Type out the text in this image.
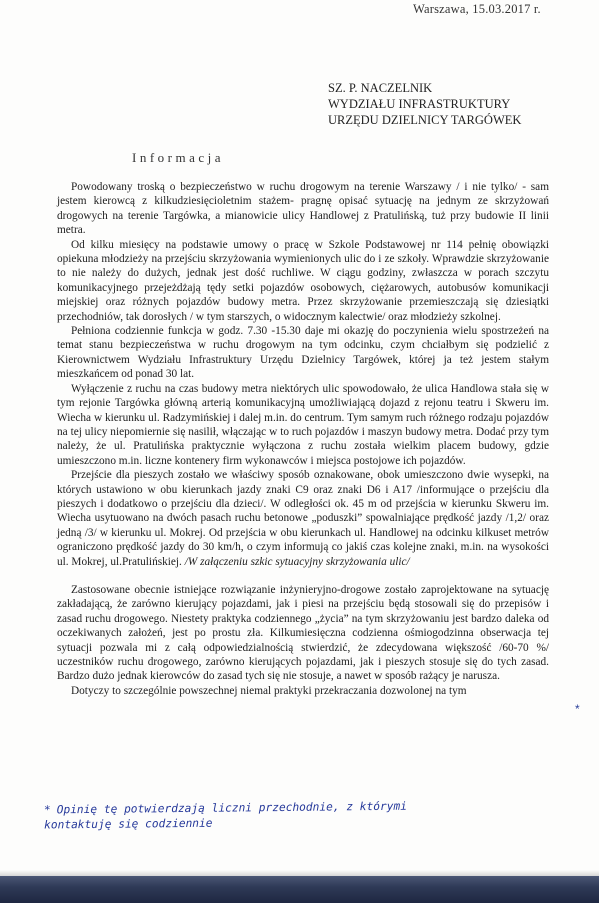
Warszawa, 15.03.2017 r.
SZ. P. NACZELNIK
WYDZIAŁU INFRASTRUKTURY
URZĘDU DZIELNICY TARGÓWEK
Informacja

Powodowany troską o bezpieczeństwo w ruchu drogowym na terenie Warszawy / i nie tylko/ - sam jestem kierowcą z kilkudziesięcioletnim stażem- pragnę opisać sytuację na jednym ze skrzyżowań drogowych na terenie Targówka, a mianowicie ulicy Handlowej z Pratulińską, tuż przy budowie II linii metra.

Od kilku miesięcy na podstawie umowy o pracę w Szkole Podstawowej nr 114 pełnię obowiązki opiekuna młodzieży na przejściu skrzyżowania wymienionych ulic do i ze szkoły. Wprawdzie skrzyżowanie to nie należy do dużych, jednak jest dość ruchliwe. W ciągu godziny, zwłaszcza w porach szczytu komunikacyjnego przejeżdżają tędy setki pojazdów osobowych, ciężarowych, autobusów komunikacji miejskiej oraz różnych pojazdów budowy metra. Przez skrzyżowanie przemieszczają się dziesiątki przechodniów, tak dorosłych / w tym starszych, o widocznym kalectwie/ oraz młodzieży szkolnej.

Pełniona codziennie funkcja w godz. 7.30 -15.30 daje mi okazję do poczynienia wielu spostrzeżeń na temat stanu bezpieczeństwa w ruchu drogowym na tym odcinku, czym chciałbym się podzielić z Kierownictwem Wydziału Infrastruktury Urzędu Dzielnicy Targówek, której ja też jestem stałym mieszkańcem od ponad 30 lat.

Wyłączenie z ruchu na czas budowy metra niektórych ulic spowodowało, że ulica Handlowa stała się w tym rejonie Targówka główną arterią komunikacyjną umożliwiającą dojazd z rejonu teatru i Skweru im. Wiecha w kierunku ul. Radzymińskiej i dalej m.in. do centrum. Tym samym ruch różnego rodzaju pojazdów na tej ulicy niepomiernie się nasilił, włączając w to ruch pojazdów i maszyn budowy metra. Dodać przy tym należy, że ul. Pratulińska praktycznie wyłączona z ruchu została wielkim placem budowy, gdzie umieszczono m.in. liczne kontenery firm wykonawców i miejsca postojowe ich pojazdów.

Przejście dla pieszych zostało we właściwy sposób oznakowane, obok umieszczono dwie wysepki, na których ustawiono w obu kierunkach jazdy znaki C9 oraz znaki D6 i A17 /informujące o przejściu dla pieszych i dodatkowo o przejściu dla dzieci/. W odległości ok. 45 m od przejścia w kierunku Skweru im. Wiecha usytuowano na dwóch pasach ruchu betonowe „poduszki” spowalniające prędkość jazdy /1,2/ oraz jedną /3/ w kierunku ul. Mokrej. Od przejścia w obu kierunkach ul. Handlowej na odcinku kilkuset metrów ograniczono prędkość jazdy do 30 km/h, o czym informują co jakiś czas kolejne znaki, m.in. na wysokości ul. Mokrej, ul.Pratulińskiej. /W załączeniu szkic sytuacyjny skrzyżowania ulic/

Zastosowane obecnie istniejące rozwiązanie inżynieryjno-drogowe zostało zaprojektowane na sytuację zakładającą, że zarówno kierujący pojazdami, jak i piesi na przejściu będą stosowali się do przepisów i zasad ruchu drogowego. Niestety praktyka codziennego „życia” na tym skrzyżowaniu jest bardzo daleka od oczekiwanych założeń, jest po prostu zła. Kilkumiesięczna codzienna ośmiogodzinna obserwacja tej sytuacji pozwala mi z całą odpowiedzialnością stwierdzić, że zdecydowana większość /60-70 %/ uczestników ruchu drogowego, zarówno kierujących pojazdami, jak i pieszych stosuje się do tych zasad. Bardzo dużo jednak kierowców do zasad tych się nie stosuje, a nawet w sposób rażący je narusza.

Dotyczy to szczególnie powszechnej niemal praktyki przekraczania dozwolonej na tym

*
* Opinię tę potwierdzają liczni przechodnie, z którymi
kontaktuję się codziennie
